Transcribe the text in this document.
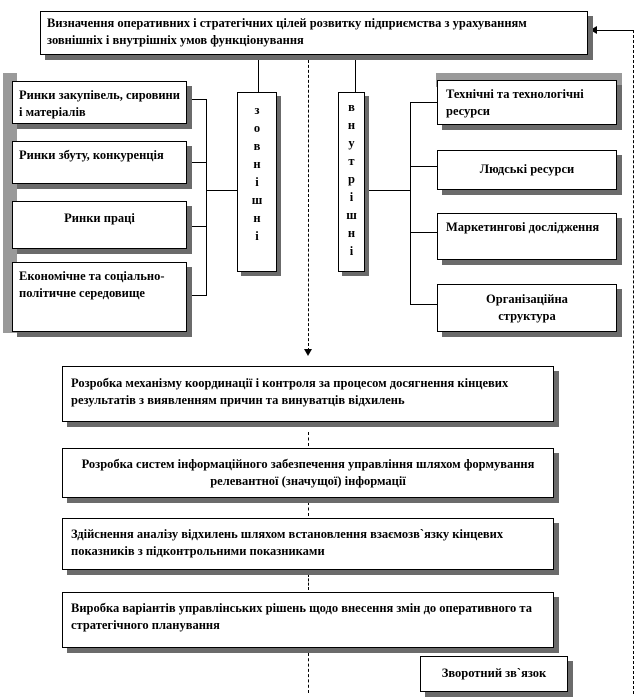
Визначення оперативних і стратегічних цілей розвитку підприємства з урахуванням зовнішніх і внутрішніх умов функціонування
Ринки закупівель, сировини і матеріалів
Ринки збуту, конкуренція
Ринки праці
Економічне та соціально-політичне середовище
з
о
в
н
і
ш
н
і
в
н
у
т
р
і
ш
н
і
Технічні та технологічні ресурси
Людські ресурси
Маркетингові дослідження
Організаційна структура
Розробка механізму координації і контроля за процесом досягнення кінцевих результатів з виявленням причин та винуватців відхилень
Розробка систем інформаційного забезпечення управління шляхом формування релевантної (значущої) інформації
Здійснення аналізу відхилень шляхом встановлення взаємозв`язку кінцевих показників з підконтрольними показниками
Виробка варіантів управлінських рішень щодо внесення змін до оперативного та стратегічного планування
Зворотний зв`язок
